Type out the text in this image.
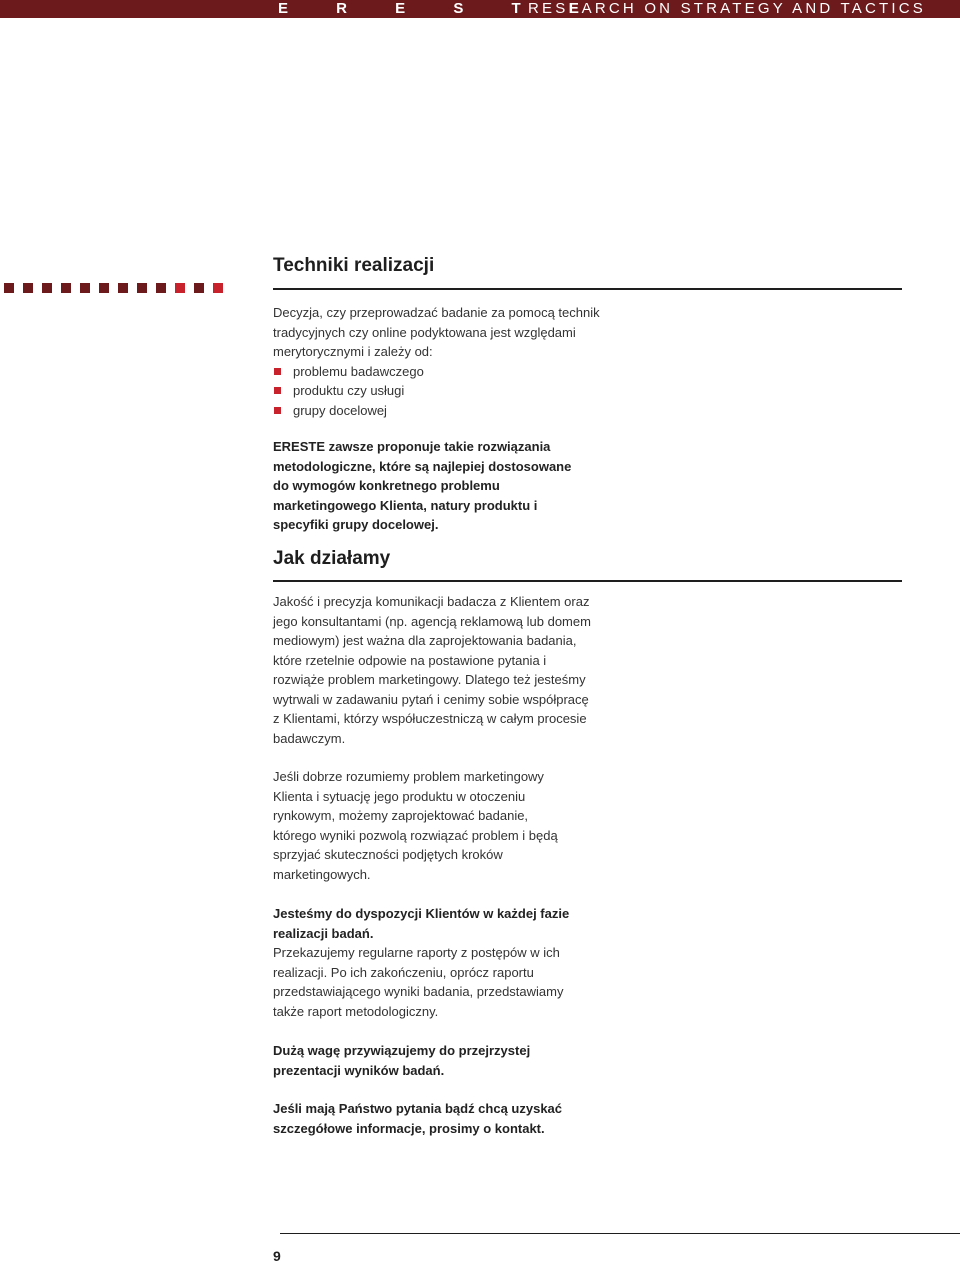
E R E S T E
RESEARCH ON STRATEGY AND TACTICS
Techniki realizacji

Decyzja, czy przeprowadzać badanie za pomocą technik tradycyjnych czy online podyktowana jest względami merytorycznymi i zależy od:

problemu badawczego
produktu czy usługi
grupy docelowej
ERESTE zawsze proponuje takie rozwiązania metodologiczne, które są najlepiej dostosowane do wymogów konkretnego problemu marketingowego Klienta, natury produktu i specyfiki grupy docelowej.
Jak działamy
Jakość i precyzja komunikacji badacza z Klientem oraz jego konsultantami (np. agencją reklamową lub domem mediowym) jest ważna dla zaprojektowania badania, które rzetelnie odpowie na postawione pytania i rozwiąże problem marketingowy. Dlatego też jesteśmy wytrwali w zadawaniu pytań i cenimy sobie współpracę z Klientami, którzy współuczestniczą w całym procesie badawczym.
Jeśli dobrze rozumiemy problem marketingowy Klienta i sytuację jego produktu w otoczeniu rynkowym, możemy zaprojektować badanie, którego wyniki pozwolą rozwiązać problem i będą sprzyjać skuteczności podjętych kroków marketingowych.

Jesteśmy do dyspozycji Klientów w każdej fazie realizacji badań.

Przekazujemy regularne raporty z postępów w ich realizacji. Po ich zakończeniu, oprócz raportu przedstawiającego wyniki badania, przedstawiamy także raport metodologiczny.

Dużą wagę przywiązujemy do przejrzystej prezentacji wyników badań.
Jeśli mają Państwo pytania bądź chcą uzyskać szczegółowe informacje, prosimy o kontakt.
9
